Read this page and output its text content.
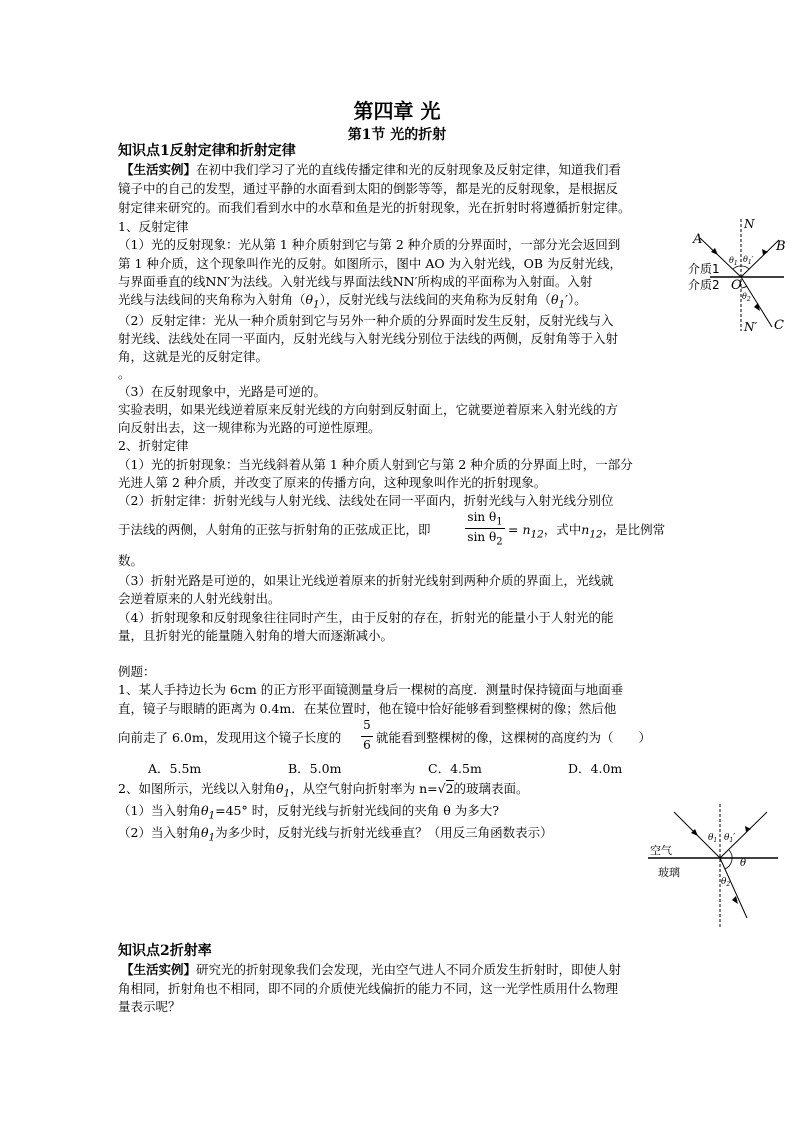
第四章 光
第1节 光的折射
知识点1反射定律和折射定律
【生活实例】在初中我们学习了光的直线传播定律和光的反射现象及反射定律，知道我们看
镜子中的自己的发型，通过平静的水面看到太阳的倒影等等，都是光的反射现象，是根据反
射定律来研究的。而我们看到水中的水草和鱼是光的折射现象，光在折射时将遵循折射定律。
1、反射定律
（1）光的反射现象：光从第 1 种介质射到它与第 2 种介质的分界面时，一部分光会返回到
第 1 种介质，这个现象叫作光的反射。如图所示，图中 AO 为入射光线，OB 为反射光线，
与界面垂直的线NN′为法线。入射光线与界面法线NN′所构成的平面称为入射面。入射
光线与法线间的夹角称为入射角$(\theta_1)$，反射光线与法线间的夹角称为反射角$(\theta_1')$。
（2）反射定律：光从一种介质射到它与另外一种介质的分界面时发生反射，反射光线与入
射光线、法线处在同一平面内，反射光线与入射光线分别位于法线的两侧，反射角等于入射
角，这就是光的反射定律。
。
（3）在反射现象中，光路是可逆的。
实验表明，如果光线逆着原来反射光线的方向射到反射面上，它就要逆着原来入射光线的方
向反射出去，这一规律称为光路的可逆性原理。
2、折射定律
（1）光的折射现象：当光线斜着从第 1 种介质人射到它与第 2 种介质的分界面上时，一部分
光进人第 2 种介质，并改变了原来的传播方向，这种现象叫作光的折射现象。
（2）折射定律：折射光线与人射光线、法线处在同一平面内，折射光线与入射光线分别位
于法线的两侧，人射角的正弦与折射角的正弦成正比，即
$\sin \theta_1$
$\sin \theta_2$
= $n_{12}$，式中$n_{12}$，是比例常
数。
（3）折射光路是可逆的，如果让光线逆着原来的折射光线射到两种介质的界面上，光线就
会逆着原来的人射光线射出。
（4）折射现象和反射现象往往同时产生，由于反射的存在，折射光的能量小于人射光的能
量，且折射光的能量随入射角的增大而逐渐减小。
A	B
C
N
N′
O
介质1
介质2
$\theta_1$ $\theta_1'$
$\theta_2$
例题：
1、某人手持边长为 6cm 的正方形平面镜测量身后一棵树的高度．测量时保持镜面与地面垂
直，镜子与眼睛的距离为 0.4m．在某位置时，他在镜中恰好能够看到整棵树的像；然后他
向前走了 6.0m，发现用这个镜子长度的
5
6 就能看到整棵树的像，这棵树的高度约为（　　）
A．5.5m	B．5.0m	C．4.5m	D．4.0m
2、如图所示，光线以入射角$\theta_1$，从空气射向折射率为 n=√2的玻璃表面。
（1）当入射角$\theta_1=45^\circ$ 时，反射光线与折射光线间的夹角 θ 为多大?
（2）当入射角$\theta_1$为多少时，反射光线与折射光线垂直？（用反三角函数表示）
空气
玻璃
$\theta_1$ $\theta_1'$
$\theta_2$
θ
知识点2折射率
【生活实例】研究光的折射现象我们会发现，光由空气进人不同介质发生折射时，即使人射
角相同，折射角也不相同，即不同的介质使光线偏折的能力不同，这一光学性质用什么物理
量表示呢？
